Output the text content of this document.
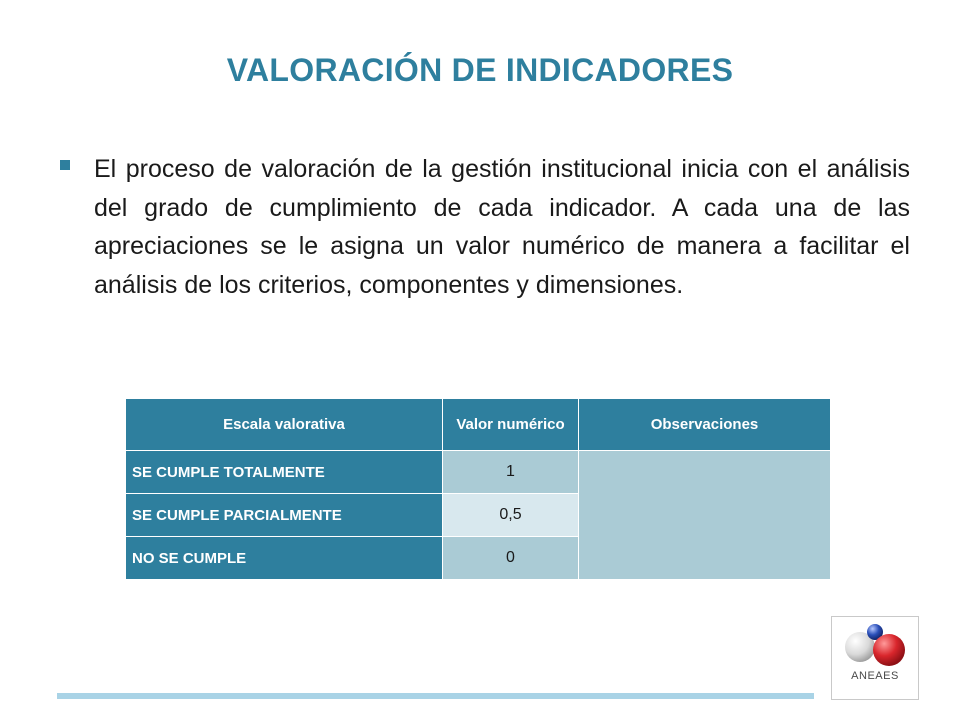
VALORACIÓN DE INDICADORES
El proceso de valoración de la gestión institucional inicia con el análisis del grado de cumplimiento de cada indicador. A cada una de las apreciaciones se le asigna un valor numérico de manera a facilitar el análisis de los criterios, componentes y dimensiones.
Escala valorativa	Valor numérico	Observaciones
SE CUMPLE TOTALMENTE	1	
SE CUMPLE PARCIALMENTE	0,5	
NO SE CUMPLE	0	
ANEAES
